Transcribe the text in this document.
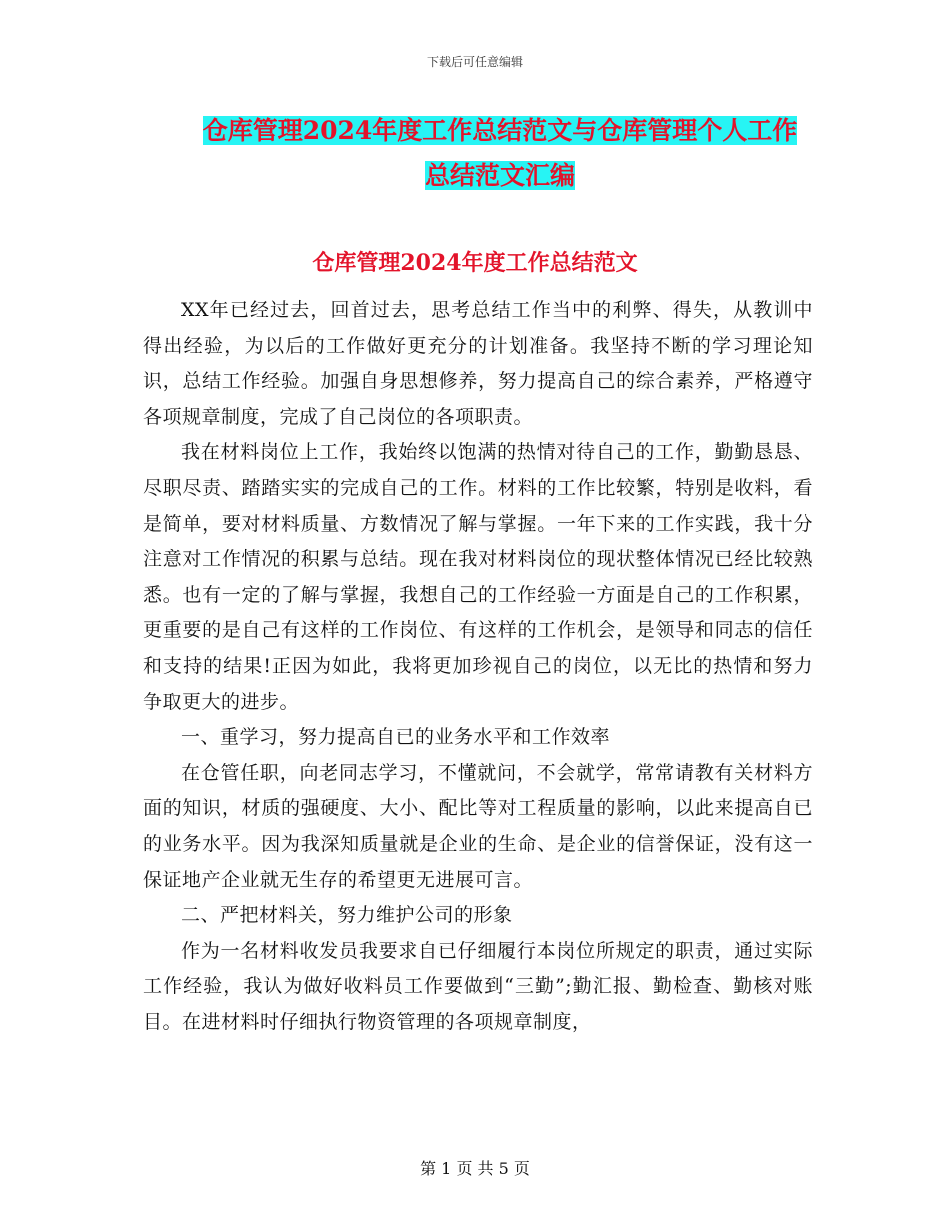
下载后可任意编辑
仓库管理2024年度工作总结范文与仓库管理个人工作
总结范文汇编
仓库管理2024年度工作总结范文

XX年已经过去，回首过去，思考总结工作当中的利弊、得失，从教训中得出经验，为以后的工作做好更充分的计划准备。我坚持不断的学习理论知识，总结工作经验。加强自身思想修养，努力提高自己的综合素养，严格遵守各项规章制度，完成了自己岗位的各项职责。

我在材料岗位上工作，我始终以饱满的热情对待自己的工作，勤勤恳恳、尽职尽责、踏踏实实的完成自己的工作。材料的工作比较繁，特别是收料，看是简单，要对材料质量、方数情况了解与掌握。一年下来的工作实践，我十分注意对工作情况的积累与总结。现在我对材料岗位的现状整体情况已经比较熟悉。也有一定的了解与掌握，我想自己的工作经验一方面是自己的工作积累，更重要的是自己有这样的工作岗位、有这样的工作机会，是领导和同志的信任和支持的结果!正因为如此，我将更加珍视自己的岗位，以无比的热情和努力争取更大的进步。

一、重学习，努力提高自已的业务水平和工作效率

在仓管任职，向老同志学习，不懂就问，不会就学，常常请教有关材料方面的知识，材质的强硬度、大小、配比等对工程质量的影响，以此来提高自已的业务水平。因为我深知质量就是企业的生命、是企业的信誉保证，没有这一保证地产企业就无生存的希望更无进展可言。

二、严把材料关，努力维护公司的形象

作为一名材料收发员我要求自已仔细履行本岗位所规定的职责，通过实际工作经验，我认为做好收料员工作要做到“三勤”;勤汇报、勤检查、勤核对账目。在进材料时仔细执行物资管理的各项规章制度，

第 1 页 共 5 页
